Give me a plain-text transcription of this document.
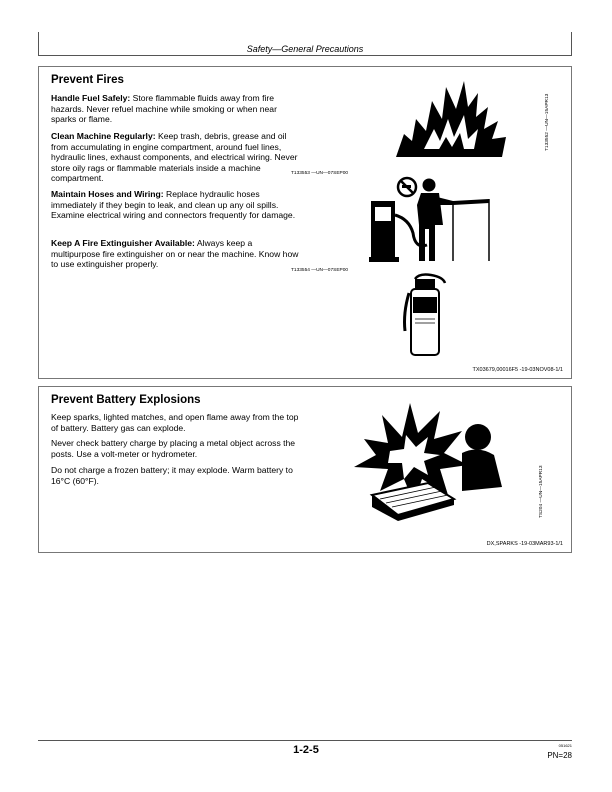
Safety—General Precautions
Prevent Fires
Handle Fuel Safely: Store flammable fluids away from fire hazards. Never refuel machine while smoking or when near sparks or flame.
Clean Machine Regularly: Keep trash, debris, grease and oil from accumulating in engine compartment, around fuel lines, hydraulic lines, exhaust components, and electrical wiring. Never store oily rags or flammable materials inside a machine compartment.
Maintain Hoses and Wiring: Replace hydraulic hoses immediately if they begin to leak, and clean up any oil spills. Examine electrical wiring and connectors frequently for damage.
Keep A Fire Extinguisher Available: Always keep a multipurpose fire extinguisher on or near the machine. Know how to use extinguisher properly.
T133552 —UN—15APR13
T133553 —UN—07SEP00
T133554 —UN—07SEP00
TX03679,00016F5 -19-03NOV08-1/1
Prevent Battery Explosions
Keep sparks, lighted matches, and open flame away from the top of battery. Battery gas can explode.
Never check battery charge by placing a metal object across the posts. Use a volt-meter or hydrometer.
Do not charge a frozen battery; it may explode. Warm battery to 16°C (60°F).	TS204 —UN—15APR13
DX,SPARKS -19-03MAR93-1/1
1-2-5	051621
PN=28
